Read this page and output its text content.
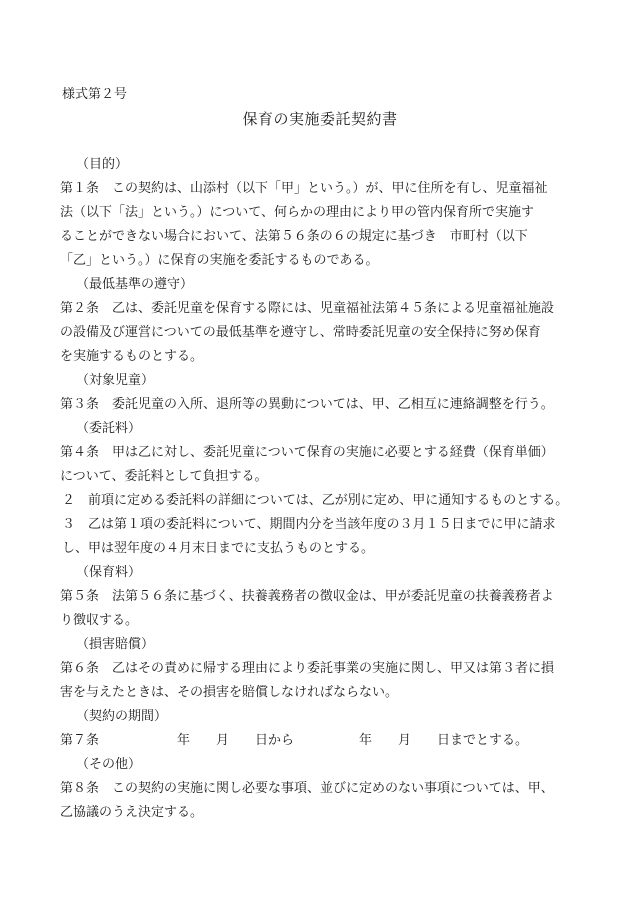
様式第２号
保育の実施委託契約書
（目的）
第１条　この契約は、山添村（以下「甲」という。）が、甲に住所を有し、児童福祉
法（以下「法」という。）について、何らかの理由により甲の管内保育所で実施す
ることができない場合において、法第５６条の６の規定に基づき　市町村（以下
「乙」という。）に保育の実施を委託するものである。
（最低基準の遵守）
第２条　乙は、委託児童を保育する際には、児童福祉法第４５条による児童福祉施設
の設備及び運営についての最低基準を遵守し、常時委託児童の安全保持に努め保育
を実施するものとする。
（対象児童）
第３条　委託児童の入所、退所等の異動については、甲、乙相互に連絡調整を行う。
（委託料）
第４条　甲は乙に対し、委託児童について保育の実施に必要とする経費（保育単価）
について、委託料として負担する。
２　前項に定める委託料の詳細については、乙が別に定め、甲に通知するものとする。
３　乙は第１項の委託料について、期間内分を当該年度の３月１５日までに甲に請求
し、甲は翌年度の４月末日までに支払うものとする。
（保育料）
第５条　法第５６条に基づく、扶養義務者の徴収金は、甲が委託児童の扶養義務者よ
り徴収する。
（損害賠償）
第６条　乙はその責めに帰する理由により委託事業の実施に関し、甲又は第３者に損
害を与えたときは、その損害を賠償しなければならない。
（契約の期間）
第７条　　　　　　年　　月　　日から　　　　　年　　月　　日までとする。
（その他）
第８条　この契約の実施に関し必要な事項、並びに定めのない事項については、甲、
乙協議のうえ決定する。
